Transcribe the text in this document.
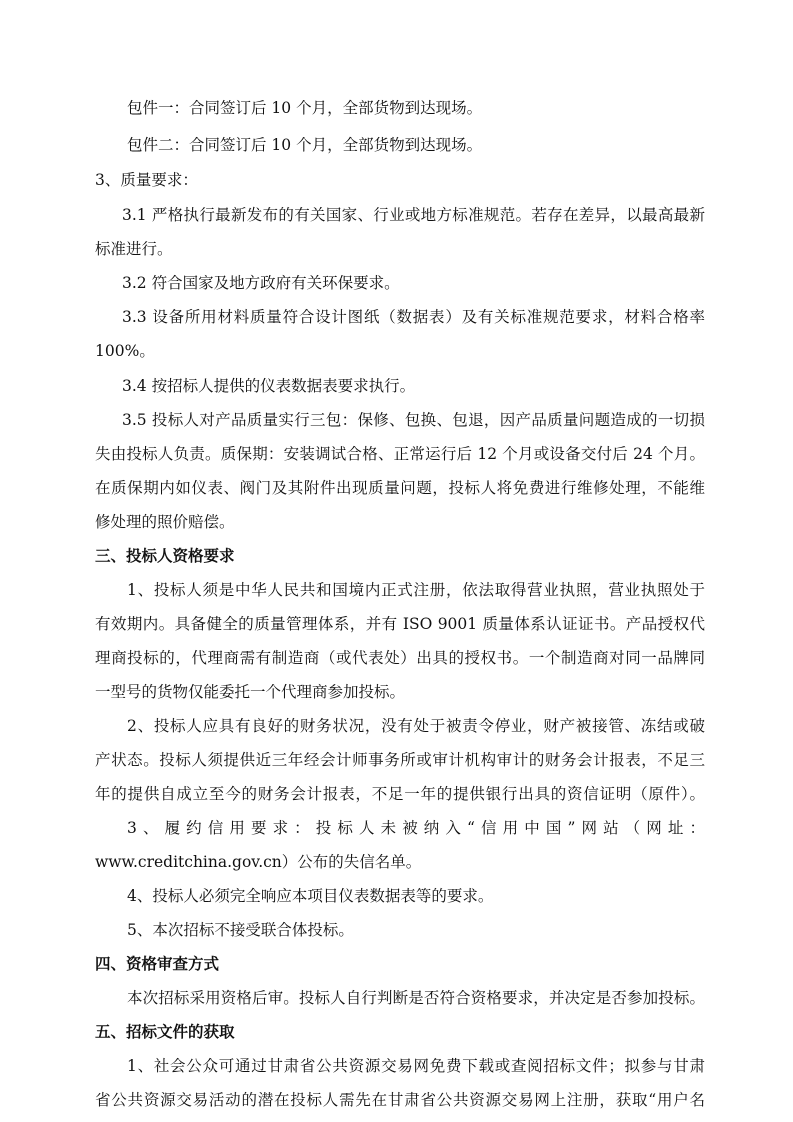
包件一：合同签订后 10 个月，全部货物到达现场。
包件二：合同签订后 10 个月，全部货物到达现场。
3、质量要求：
3.1 严格执行最新发布的有关国家、行业或地方标准规范。若存在差异，以最高最新
标准进行。
3.2 符合国家及地方政府有关环保要求。
3.3 设备所用材料质量符合设计图纸（数据表）及有关标准规范要求，材料合格率
100%。
3.4 按招标人提供的仪表数据表要求执行。
3.5 投标人对产品质量实行三包：保修、包换、包退，因产品质量问题造成的一切损
失由投标人负责。质保期：安装调试合格、正常运行后 12 个月或设备交付后 24 个月。
在质保期内如仪表、阀门及其附件出现质量问题，投标人将免费进行维修处理，不能维
修处理的照价赔偿。
三、投标人资格要求
1、投标人须是中华人民共和国境内正式注册，依法取得营业执照，营业执照处于
有效期内。具备健全的质量管理体系，并有 ISO 9001 质量体系认证证书。产品授权代
理商投标的，代理商需有制造商（或代表处）出具的授权书。一个制造商对同一品牌同
一型号的货物仅能委托一个代理商参加投标。
2、投标人应具有良好的财务状况，没有处于被责令停业，财产被接管、冻结或破
产状态。投标人须提供近三年经会计师事务所或审计机构审计的财务会计报表，不足三
年的提供自成立至今的财务会计报表，不足一年的提供银行出具的资信证明（原件）。
3、履约信用要求：投标人未被纳入“信用中国”网站（网址：
www.creditchina.gov.cn）公布的失信名单。
4、投标人必须完全响应本项目仪表数据表等的要求。
5、本次招标不接受联合体投标。
四、资格审查方式
本次招标采用资格后审。投标人自行判断是否符合资格要求，并决定是否参加投标。
五、招标文件的获取
1、社会公众可通过甘肃省公共资源交易网免费下载或查阅招标文件；拟参与甘肃
省公共资源交易活动的潜在投标人需先在甘肃省公共资源交易网上注册，获取“用户名
